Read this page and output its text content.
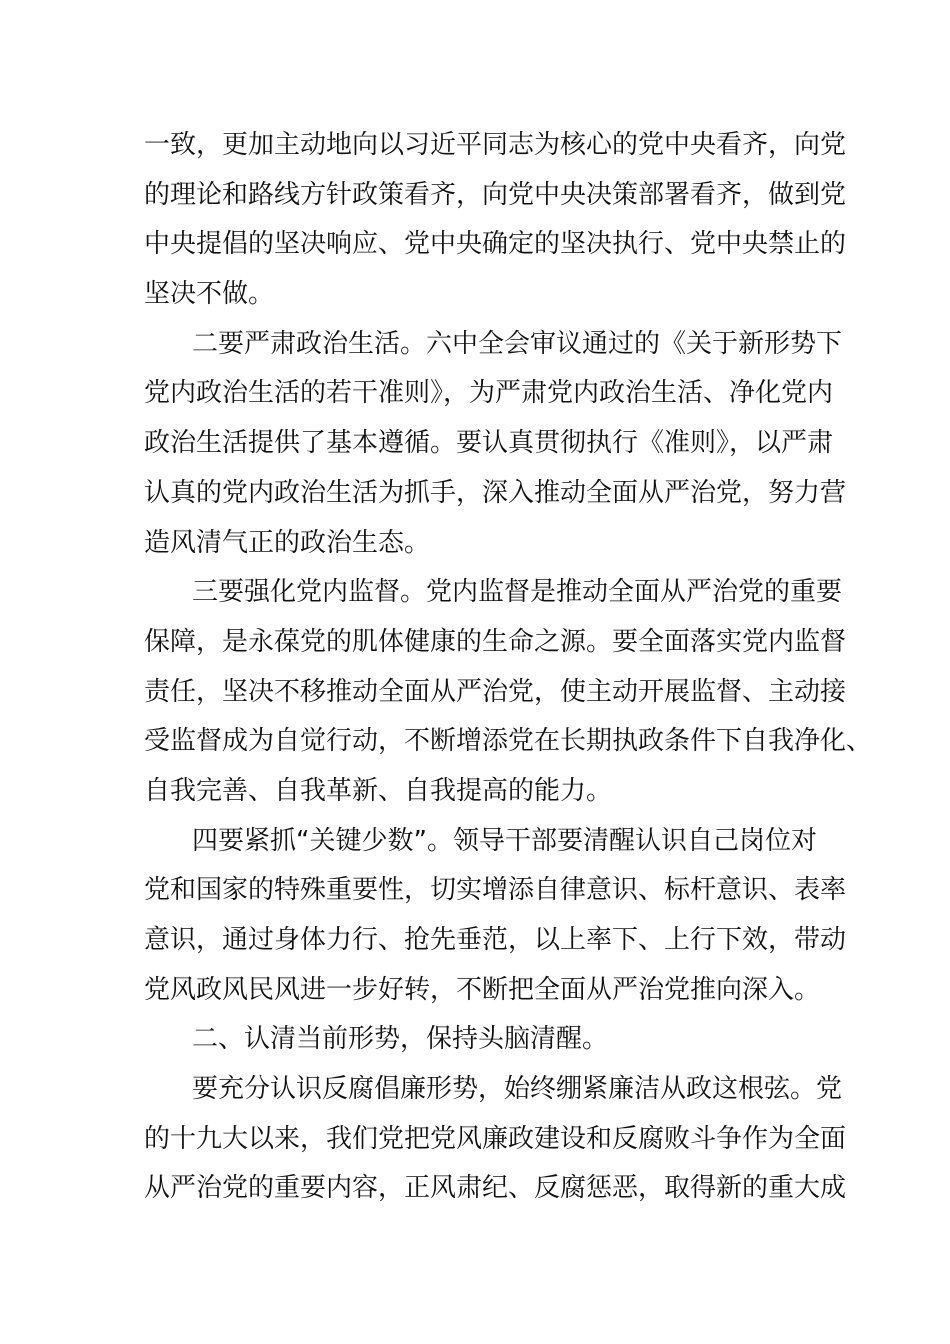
一致，更加主动地向以习近平同志为核心的党中央看齐，向党
的理论和路线方针政策看齐，向党中央决策部署看齐，做到党
中央提倡的坚决响应、党中央确定的坚决执行、党中央禁止的
坚决不做。
二要严肃政治生活。六中全会审议通过的《关于新形势下
党内政治生活的若干准则》，为严肃党内政治生活、净化党内
政治生活提供了基本遵循。要认真贯彻执行《准则》，以严肃
认真的党内政治生活为抓手，深入推动全面从严治党，努力营
造风清气正的政治生态。
三要强化党内监督。党内监督是推动全面从严治党的重要
保障，是永葆党的肌体健康的生命之源。要全面落实党内监督
责任，坚决不移推动全面从严治党，使主动开展监督、主动接
受监督成为自觉行动，不断增添党在长期执政条件下自我净化、
自我完善、自我革新、自我提高的能力。
四要紧抓“关键少数”。领导干部要清醒认识自己岗位对
党和国家的特殊重要性，切实增添自律意识、标杆意识、表率
意识，通过身体力行、抢先垂范，以上率下、上行下效，带动
党风政风民风进一步好转，不断把全面从严治党推向深入。
二、认清当前形势，保持头脑清醒。
要充分认识反腐倡廉形势，始终绷紧廉洁从政这根弦。党
的十九大以来，我们党把党风廉政建设和反腐败斗争作为全面
从严治党的重要内容，正风肃纪、反腐惩恶，取得新的重大成
